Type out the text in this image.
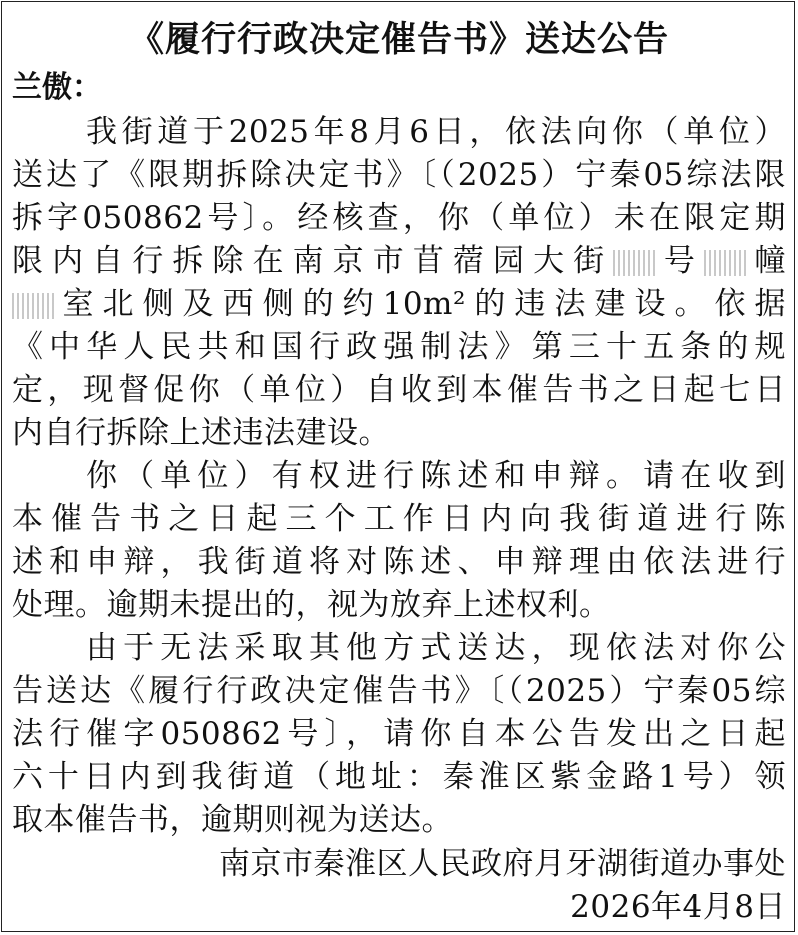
《履行行政决定催告书》送达公告
兰傲：
我街道于2025年8月6日，依法向你（单位）
送达了《限期拆除决定书》〔（2025）宁秦05综法限
拆字050862号〕。经核查，你（单位）未在限定期
限内自行拆除在南京市苜蓿园大街 号 幢
室北侧及西侧的约10m²的违法建设。依据
《中华人民共和国行政强制法》第三十五条的规
定，现督促你（单位）自收到本催告书之日起七日
内自行拆除上述违法建设。
你（单位）有权进行陈述和申辩。请在收到
本催告书之日起三个工作日内向我街道进行陈
述和申辩，我街道将对陈述、申辩理由依法进行
处理。逾期未提出的，视为放弃上述权利。
由于无法采取其他方式送达，现依法对你公
告送达《履行行政决定催告书》〔（2025）宁秦05综
法行催字050862号〕，请你自本公告发出之日起
六十日内到我街道（地址：秦淮区紫金路1号）领
取本催告书，逾期则视为送达。
南京市秦淮区人民政府月牙湖街道办事处
2026年4月8日
